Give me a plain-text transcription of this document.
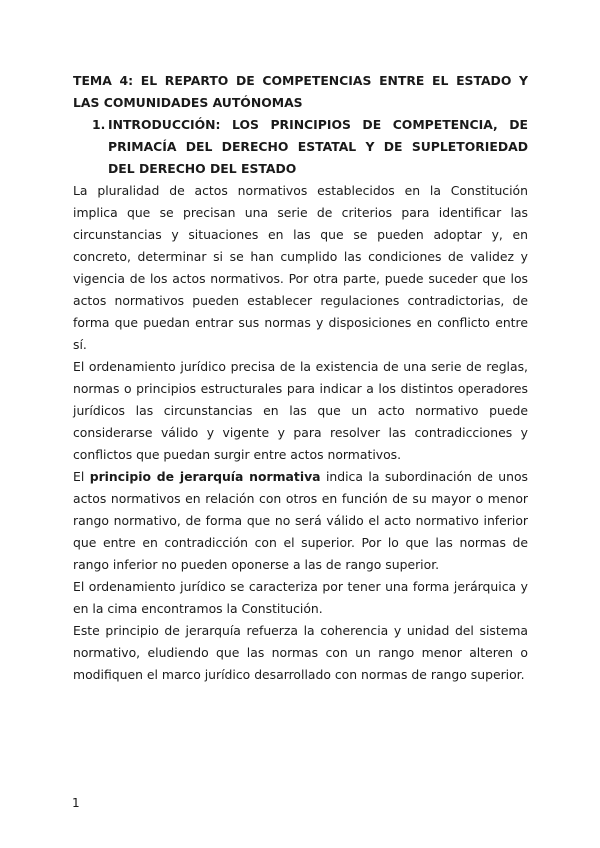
TEMA 4: EL REPARTO DE COMPETENCIAS ENTRE EL ESTADO Y LAS COMUNIDADES AUTÓNOMAS

1. INTRODUCCIÓN: LOS PRINCIPIOS DE COMPETENCIA, DE PRIMACÍA DEL DERECHO ESTATAL Y DE SUPLETORIEDAD DEL DERECHO DEL ESTADO

La pluralidad de actos normativos establecidos en la Constitución implica que se precisan una serie de criterios para identificar las circunstancias y situaciones en las que se pueden adoptar y, en concreto, determinar si se han cumplido las condiciones de validez y vigencia de los actos normativos. Por otra parte, puede suceder que los actos normativos pueden establecer regulaciones contradictorias, de forma que puedan entrar sus normas y disposiciones en conflicto entre sí.

El ordenamiento jurídico precisa de la existencia de una serie de reglas, normas o principios estructurales para indicar a los distintos operadores jurídicos las circunstancias en las que un acto normativo puede considerarse válido y vigente y para resolver las contradicciones y conflictos que puedan surgir entre actos normativos.

El principio de jerarquía normativa indica la subordinación de unos actos normativos en relación con otros en función de su mayor o menor rango normativo, de forma que no será válido el acto normativo inferior que entre en contradicción con el superior. Por lo que las normas de rango inferior no pueden oponerse a las de rango superior.

El ordenamiento jurídico se caracteriza por tener una forma jerárquica y en la cima encontramos la Constitución.

Este principio de jerarquía refuerza la coherencia y unidad del sistema normativo, eludiendo que las normas con un rango menor alteren o modifiquen el marco jurídico desarrollado con normas de rango superior.

1
